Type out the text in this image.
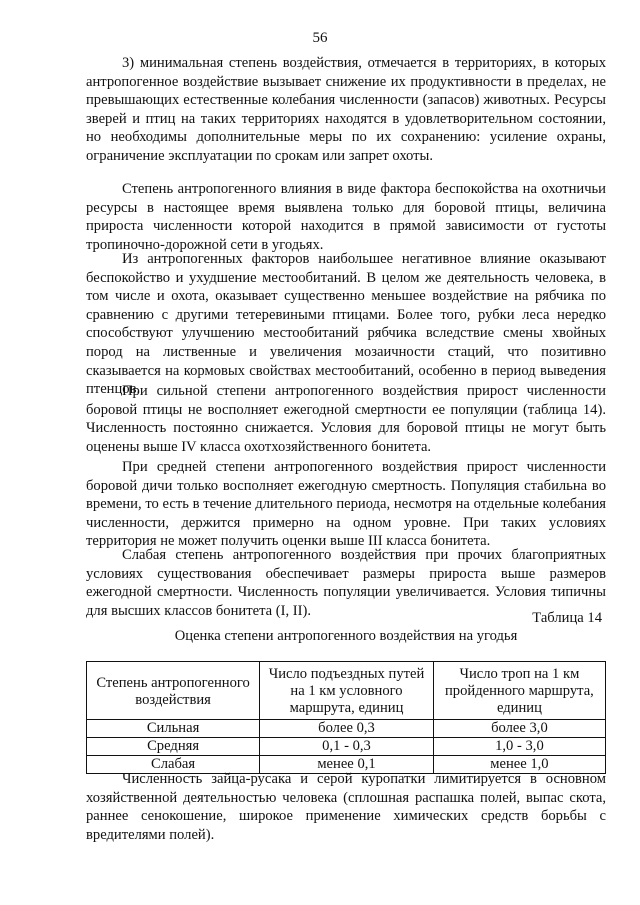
56

3) минимальная степень воздействия, отмечается в территориях, в которых антропогенное воздействие вызывает снижение их продуктивности в пределах, не превышающих естественные колебания численности (запасов) животных. Ресурсы зверей и птиц на таких территориях находятся в удовлетворительном состоянии, но необходимы дополнительные меры по их сохранению: усиление охраны, ограничение эксплуатации по срокам или запрет охоты.

Степень антропогенного влияния в виде фактора беспокойства на охотничьи ресурсы в настоящее время выявлена только для боровой птицы, величина прироста численности которой находится в прямой зависимости от густоты тропиночно-дорожной сети в угодьях.

Из антропогенных факторов наибольшее негативное влияние оказывают беспокойство и ухудшение местообитаний. В целом же деятельность человека, в том числе и охота, оказывает существенно меньшее воздействие на рябчика по сравнению с другими тетеревиными птицами. Более того, рубки леса нередко способствуют улучшению местообитаний рябчика вследствие смены хвойных пород на лиственные и увеличения мозаичности стаций, что позитивно сказывается на кормовых свойствах местообитаний, особенно в период выведения птенцов.

При сильной степени антропогенного воздействия прирост численности боровой птицы не восполняет ежегодной смертности ее популяции (таблица 14). Численность постоянно снижается. Условия для боровой птицы не могут быть оценены выше IV класса охотхозяйственного бонитета.

При средней степени антропогенного воздействия прирост численности боровой дичи только восполняет ежегодную смертность. Популяция стабильна во времени, то есть в течение длительного периода, несмотря на отдельные колебания численности, держится примерно на одном уровне. При таких условиях территория не может получить оценки выше III класса бонитета.

Слабая степень антропогенного воздействия при прочих благоприятных условиях существования обеспечивает размеры прироста выше размеров ежегодной смертности. Численность популяции увеличивается. Условия типичны для высших классов бонитета (I, II).	Таблица 14
Оценка степени антропогенного воздействия на угодья
Степень антропогенного воздействия	Число подъездных путей на 1 км условного маршрута, единиц	Число троп на 1 км пройденного маршрута, единиц
Сильная	более 0,3	более 3,0
Средняя	0,1 - 0,3	1,0 - 3,0
Слабая	менее 0,1	менее 1,0

Численность зайца-русака и серой куропатки лимитируется в основном хозяйственной деятельностью человека (сплошная распашка полей, выпас скота, раннее сенокошение, широкое применение химических средств борьбы с вредителями полей).
